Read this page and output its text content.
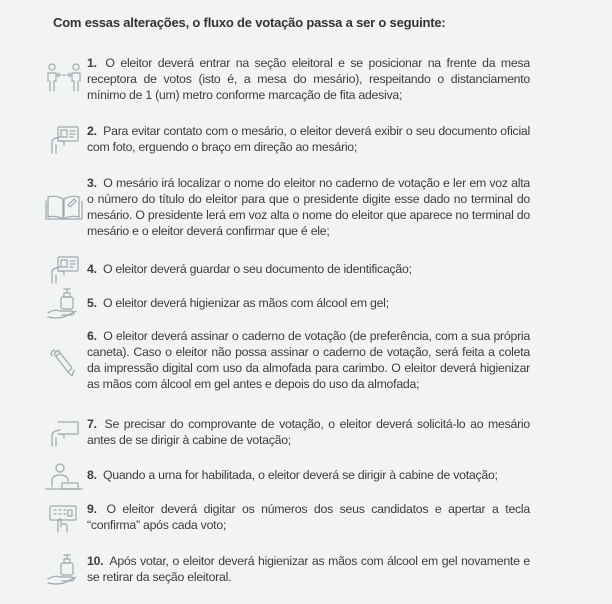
Com essas alterações, o fluxo de votação passa a ser o seguinte:
1. O eleitor deverá entrar na seção eleitoral e se posicionar na frente da mesa receptora de votos (isto é, a mesa do mesário), respeitando o distanciamento mínimo de 1 (um) metro conforme marcação de fita adesiva;
2. Para evitar contato com o mesário, o eleitor deverá exibir o seu documento oficial com foto, erguendo o braço em direção ao mesário;
3. O mesário irá localizar o nome do eleitor no caderno de votação e ler em voz alta o número do título do eleitor para que o presidente digite esse dado no terminal do mesário. O presidente lerá em voz alta o nome do eleitor que aparece no terminal do mesário e o eleitor deverá confirmar que é ele;
4. O eleitor deverá guardar o seu documento de identificação;
5. O eleitor deverá higienizar as mãos com álcool em gel;
6. O eleitor deverá assinar o caderno de votação (de preferência, com a sua própria caneta). Caso o eleitor não possa assinar o caderno de votação, será feita a coleta da impressão digital com uso da almofada para carimbo. O eleitor deverá higienizar as mãos com álcool em gel antes e depois do uso da almofada;
7. Se precisar do comprovante de votação, o eleitor deverá solicitá-lo ao mesário antes de se dirigir à cabine de votação;
8. Quando a urna for habilitada, o eleitor deverá se dirigir à cabine de votação;
9. O eleitor deverá digitar os números dos seus candidatos e apertar a tecla “confirma” após cada voto;
10. Após votar, o eleitor deverá higienizar as mãos com álcool em gel novamente e se retirar da seção eleitoral.
